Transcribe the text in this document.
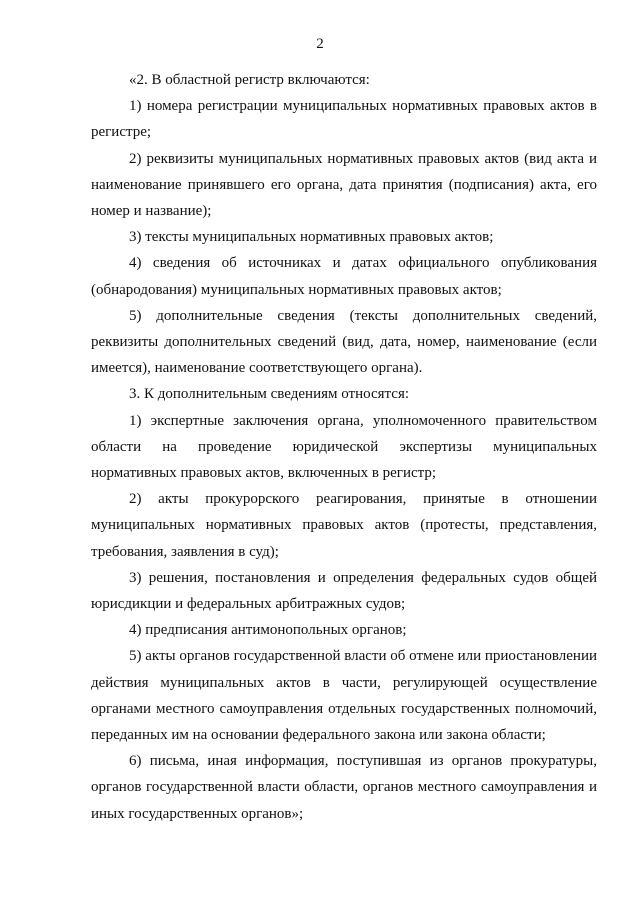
2

«2. В областной регистр включаются:

1) номера регистрации муниципальных нормативных правовых актов в регистре;

2) реквизиты муниципальных нормативных правовых актов (вид акта и наименование принявшего его органа, дата принятия (подписания) акта, его номер и название);

3) тексты муниципальных нормативных правовых актов;

4) сведения об источниках и датах официального опубликования (обнародования) муниципальных нормативных правовых актов;

5) дополнительные сведения (тексты дополнительных сведений, реквизиты дополнительных сведений (вид, дата, номер, наименование (если имеется), наименование соответствующего органа).

3. К дополнительным сведениям относятся:

1) экспертные заключения органа, уполномоченного правительством области на проведение юридической экспертизы муниципальных нормативных правовых актов, включенных в регистр;

2) акты прокурорского реагирования, принятые в отношении муниципальных нормативных правовых актов (протесты, представления, требования, заявления в суд);

3) решения, постановления и определения федеральных судов общей юрисдикции и федеральных арбитражных судов;

4) предписания антимонопольных органов;

5) акты органов государственной власти об отмене или приостановлении действия муниципальных актов в части, регулирующей осуществление органами местного самоуправления отдельных государственных полномочий, переданных им на основании федерального закона или закона области;

6) письма, иная информация, поступившая из органов прокуратуры, органов государственной власти области, органов местного самоуправления и иных государственных органов»;
